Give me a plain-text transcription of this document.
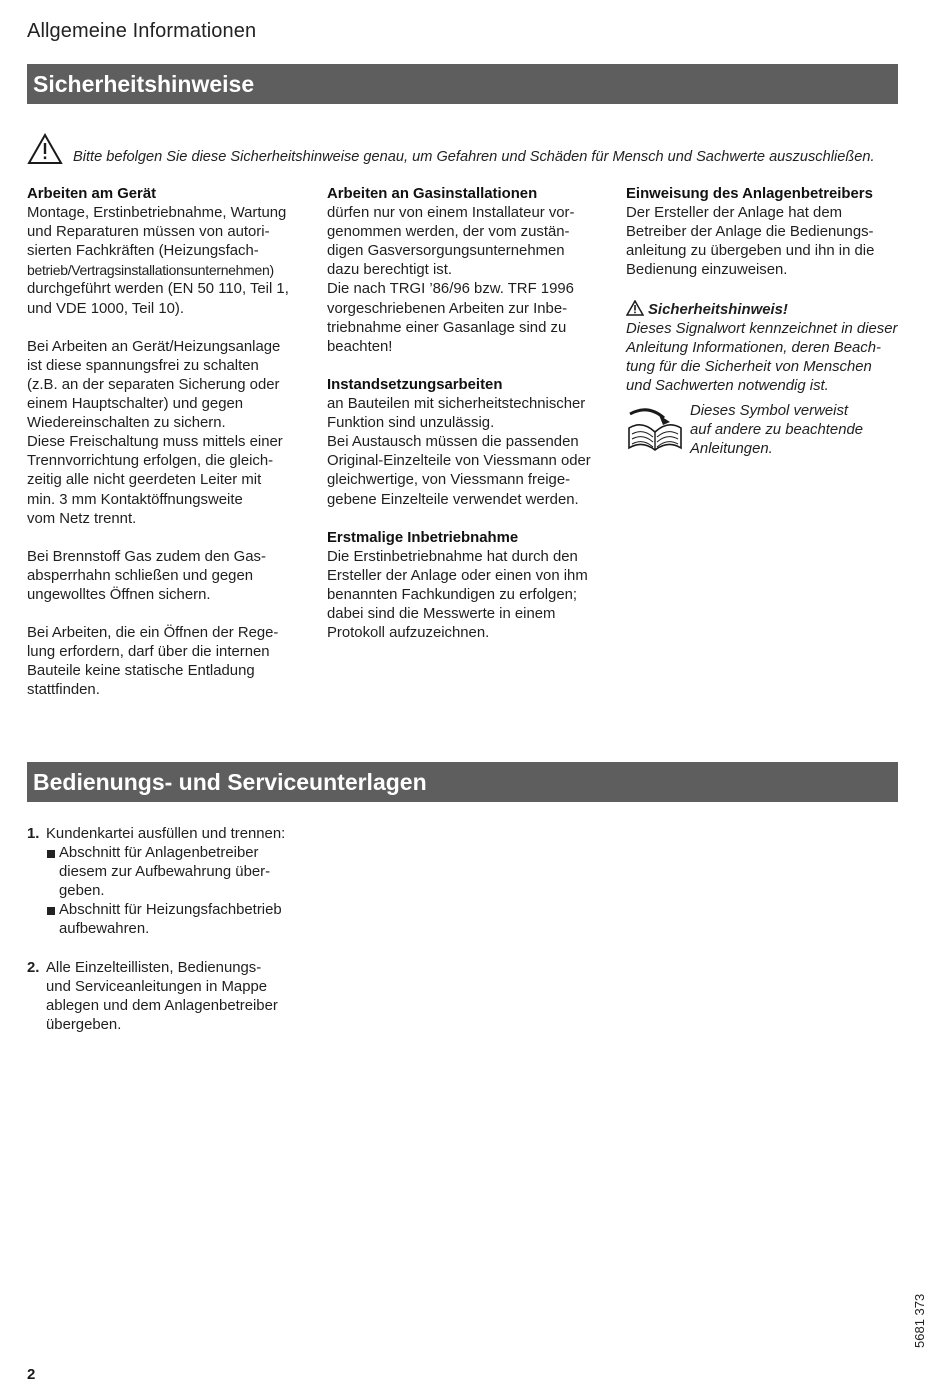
Allgemeine Informationen
Sicherheitshinweise
Bitte befolgen Sie diese Sicherheitshinweise genau, um Gefahren und Schäden für Mensch und Sachwerte auszuschließen.

Arbeiten am Gerät

Montage, Erstinbetriebnahme, Wartung

und Reparaturen müssen von autori-

sierten Fachkräften (Heizungsfach-

betrieb/Vertragsinstallationsunternehmen)

durchgeführt werden (EN 50 110, Teil 1,

und VDE 1000, Teil 10).

Bei Arbeiten an Gerät/Heizungsanlage

ist diese spannungsfrei zu schalten

(z.B. an der separaten Sicherung oder

einem Hauptschalter) und gegen

Wiedereinschalten zu sichern.

Diese Freischaltung muss mittels einer

Trennvorrichtung erfolgen, die gleich-

zeitig alle nicht geerdeten Leiter mit

min. 3 mm Kontaktöffnungsweite

vom Netz trennt.

Bei Brennstoff Gas zudem den Gas-

absperrhahn schließen und gegen

ungewolltes Öffnen sichern.

Bei Arbeiten, die ein Öffnen der Rege-

lung erfordern, darf über die internen

Bauteile keine statische Entladung

stattfinden.

Arbeiten an Gasinstallationen

dürfen nur von einem Installateur vor-

genommen werden, der vom zustän-

digen Gasversorgungsunternehmen

dazu berechtigt ist.

Die nach TRGI ’86/96 bzw. TRF 1996

vorgeschriebenen Arbeiten zur Inbe-

triebnahme einer Gasanlage sind zu

beachten!

Instandsetzungsarbeiten

an Bauteilen mit sicherheitstechnischer

Funktion sind unzulässig.

Bei Austausch müssen die passenden

Original-Einzelteile von Viessmann oder

gleichwertige, von Viessmann freige-

gebene Einzelteile verwendet werden.

Erstmalige Inbetriebnahme

Die Erstinbetriebnahme hat durch den

Ersteller der Anlage oder einen von ihm

benannten Fachkundigen zu erfolgen;

dabei sind die Messwerte in einem

Protokoll aufzuzeichnen.

Einweisung des Anlagenbetreibers

Der Ersteller der Anlage hat dem

Betreiber der Anlage die Bedienungs-

anleitung zu übergeben und ihn in die

Bedienung einzuweisen.

Sicherheitshinweis!

Dieses Signalwort kennzeichnet in dieser

Anleitung Informationen, deren Beach-

tung für die Sicherheit von Menschen

und Sachwerten notwendig ist.

Dieses Symbol verweist

auf andere zu beachtende

Anleitungen.

Bedienungs- und Serviceunterlagen
1. Kundenkartei ausfüllen und trennen:

Abschnitt für Anlagenbetreiber

diesem zur Aufbewahrung über-

geben.

Abschnitt für Heizungsfachbetrieb

aufbewahren.

2. Alle Einzelteillisten, Bedienungs-

und Serviceanleitungen in Mappe

ablegen und dem Anlagenbetreiber

übergeben.

5681 373
2
